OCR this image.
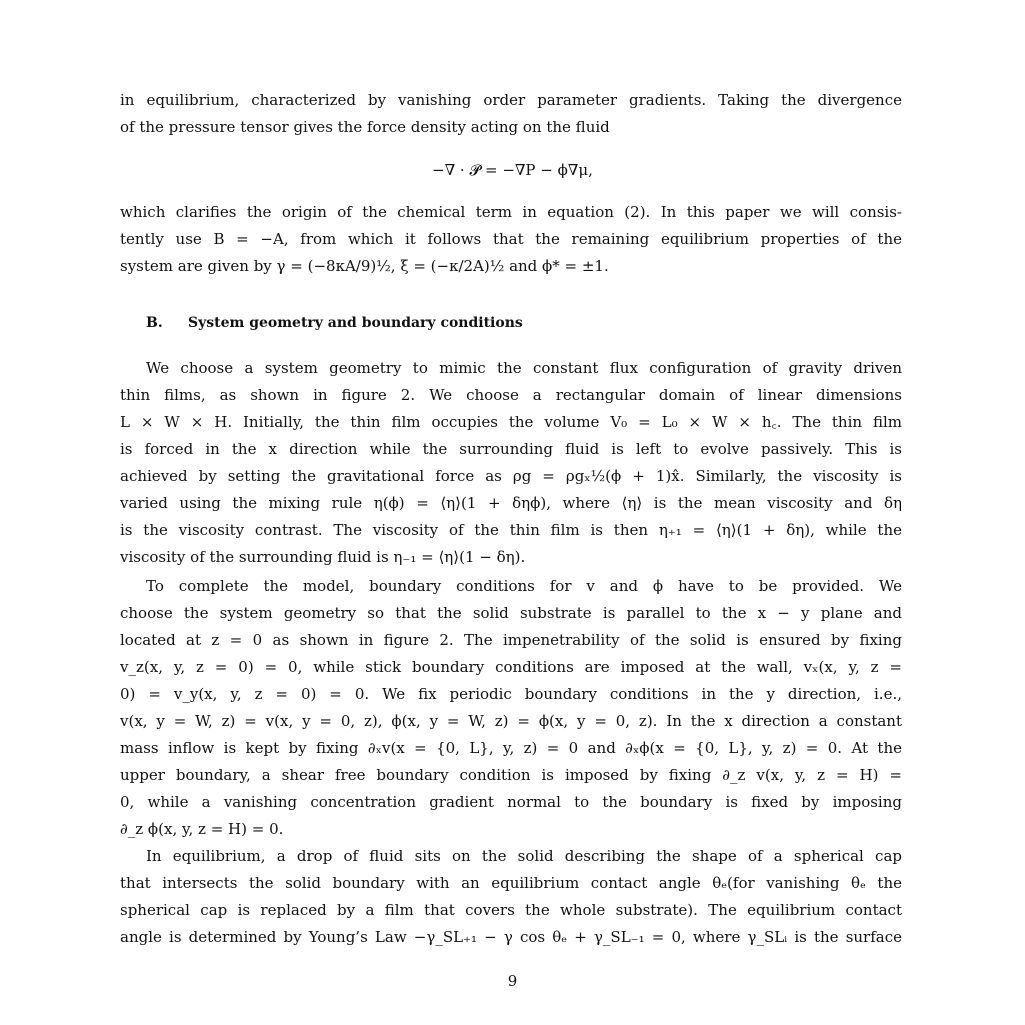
in equilibrium, characterized by vanishing order parameter gradients. Taking the divergence
of the pressure tensor gives the force density acting on the fluid
−∇ · 𝓟 = −∇P − ϕ∇μ,
which clarifies the origin of the chemical term in equation (2). In this paper we will consis-
tently use B = −A, from which it follows that the remaining equilibrium properties of the
system are given by γ = (−8κA/9)½, ξ = (−κ/2A)½ and ϕ* = ±1.
B. System geometry and boundary conditions
We choose a system geometry to mimic the constant flux configuration of gravity driven
thin films, as shown in figure 2. We choose a rectangular domain of linear dimensions
L × W × H. Initially, the thin film occupies the volume V₀ = L₀ × W × h꜀. The thin film
is forced in the x direction while the surrounding fluid is left to evolve passively. This is
achieved by setting the gravitational force as ρg = ρgₓ½(ϕ + 1)x̂. Similarly, the viscosity is
varied using the mixing rule η(ϕ) = ⟨η⟩(1 + δηϕ), where ⟨η⟩ is the mean viscosity and δη
is the viscosity contrast. The viscosity of the thin film is then η₊₁ = ⟨η⟩(1 + δη), while the
viscosity of the surrounding fluid is η₋₁ = ⟨η⟩(1 − δη).
To complete the model, boundary conditions for v and ϕ have to be provided. We
choose the system geometry so that the solid substrate is parallel to the x − y plane and
located at z = 0 as shown in figure 2. The impenetrability of the solid is ensured by fixing
v_z(x, y, z = 0) = 0, while stick boundary conditions are imposed at the wall, vₓ(x, y, z =
0) = v_y(x, y, z = 0) = 0. We fix periodic boundary conditions in the y direction, i.e.,
v(x, y = W, z) = v(x, y = 0, z), ϕ(x, y = W, z) = ϕ(x, y = 0, z). In the x direction a constant
mass inflow is kept by fixing ∂ₓv(x = {0, L}, y, z) = 0 and ∂ₓϕ(x = {0, L}, y, z) = 0. At the
upper boundary, a shear free boundary condition is imposed by fixing ∂_z v(x, y, z = H) =
0, while a vanishing concentration gradient normal to the boundary is fixed by imposing
∂_z ϕ(x, y, z = H) = 0.
In equilibrium, a drop of fluid sits on the solid describing the shape of a spherical cap
that intersects the solid boundary with an equilibrium contact angle θₑ(for vanishing θₑ the
spherical cap is replaced by a film that covers the whole substrate). The equilibrium contact
angle is determined by Young’s Law −γ_SL₊₁ − γ cos θₑ + γ_SL₋₁ = 0, where γ_SLᵢ is the surface
9
